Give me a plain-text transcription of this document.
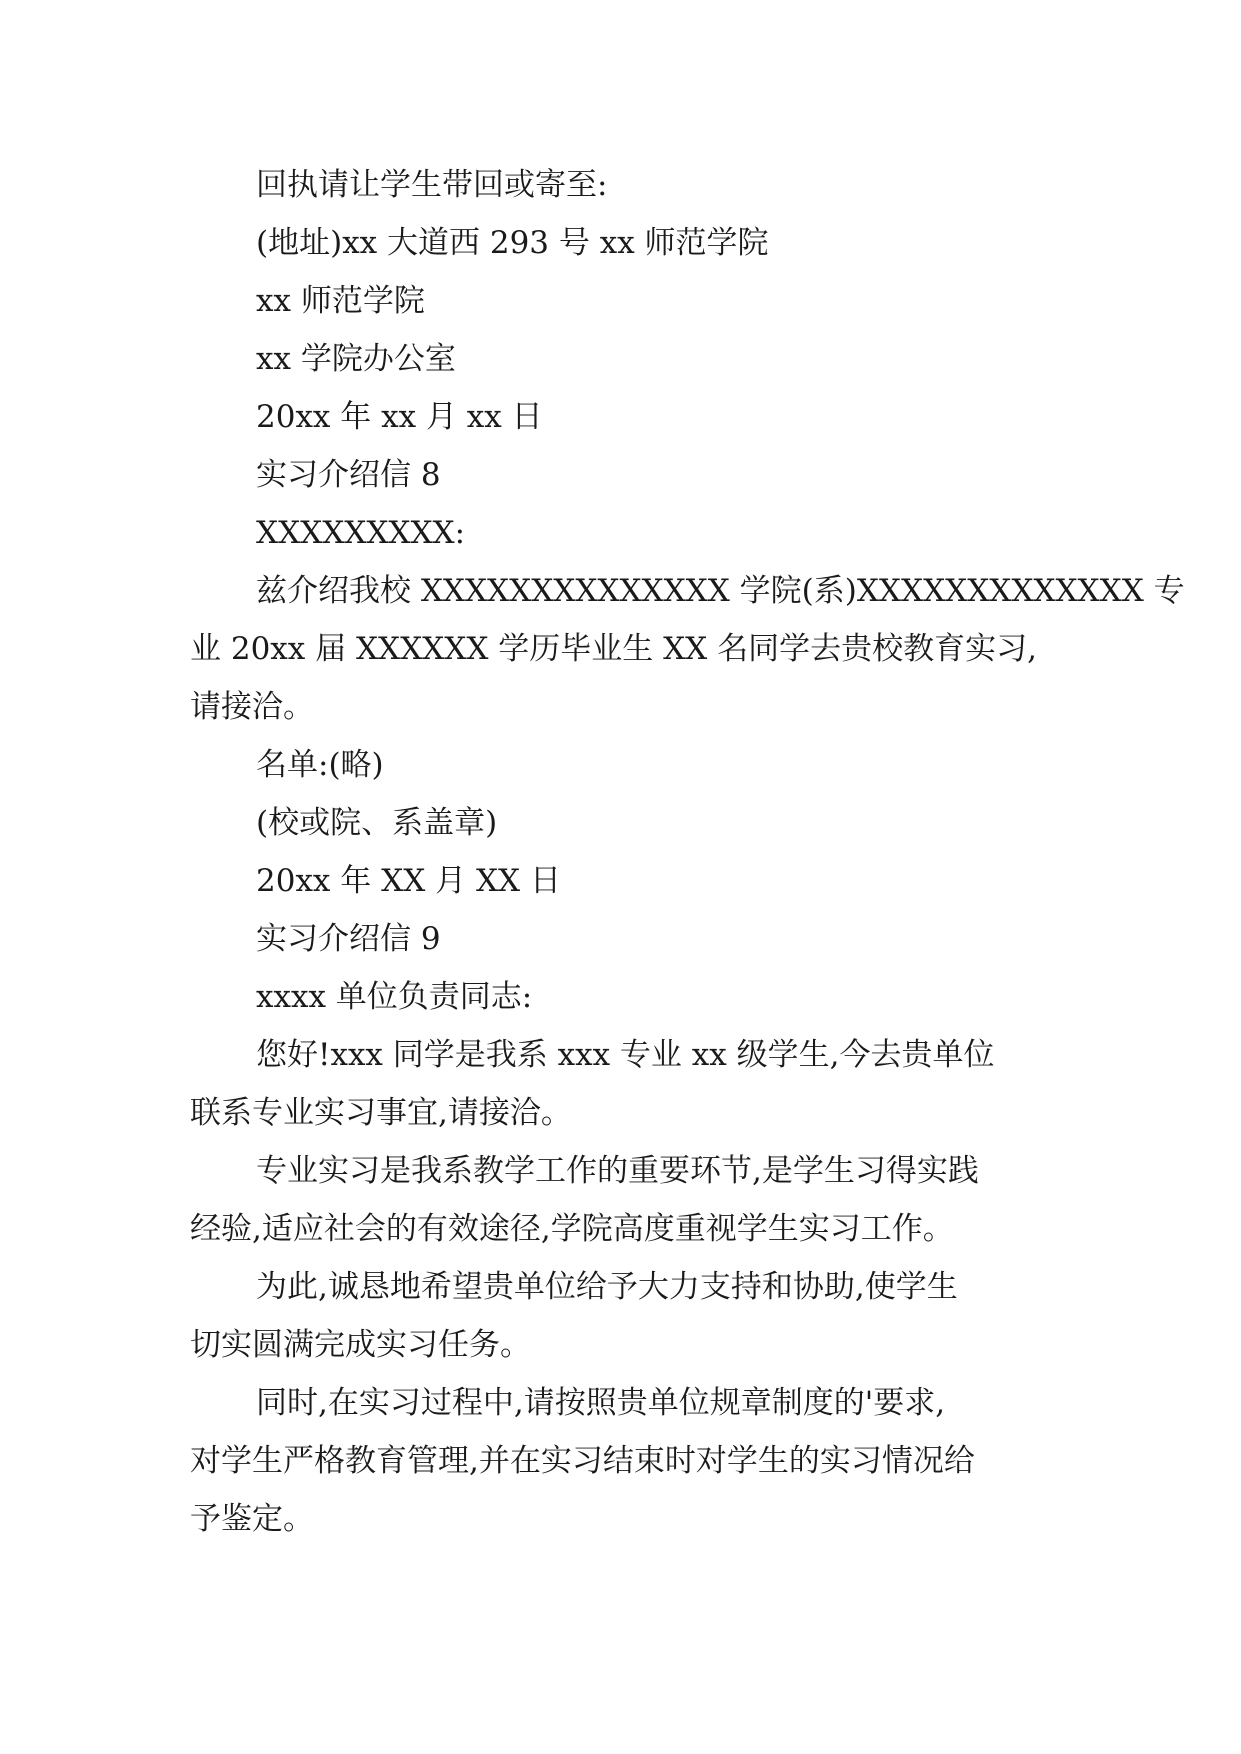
回执请让学生带回或寄至:

(地址)xx 大道西 293 号 xx 师范学院

xx 师范学院

xx 学院办公室

20xx 年 xx 月 xx 日

实习介绍信 8

XXXXXXXXX:

兹介绍我校 XXXXXXXXXXXXXX 学院(系)XXXXXXXXXXXXX 专

业 20xx 届 XXXXXX 学历毕业生 XX 名同学去贵校教育实习,

请接洽。

名单:(略)

(校或院、系盖章)

20xx 年 XX 月 XX 日

实习介绍信 9

xxxx 单位负责同志:

您好!xxx 同学是我系 xxx 专业 xx 级学生,今去贵单位

联系专业实习事宜,请接洽。

专业实习是我系教学工作的重要环节,是学生习得实践

经验,适应社会的有效途径,学院高度重视学生实习工作。

为此,诚恳地希望贵单位给予大力支持和协助,使学生

切实圆满完成实习任务。

同时,在实习过程中,请按照贵单位规章制度的'要求,

对学生严格教育管理,并在实习结束时对学生的实习情况给

予鉴定。
